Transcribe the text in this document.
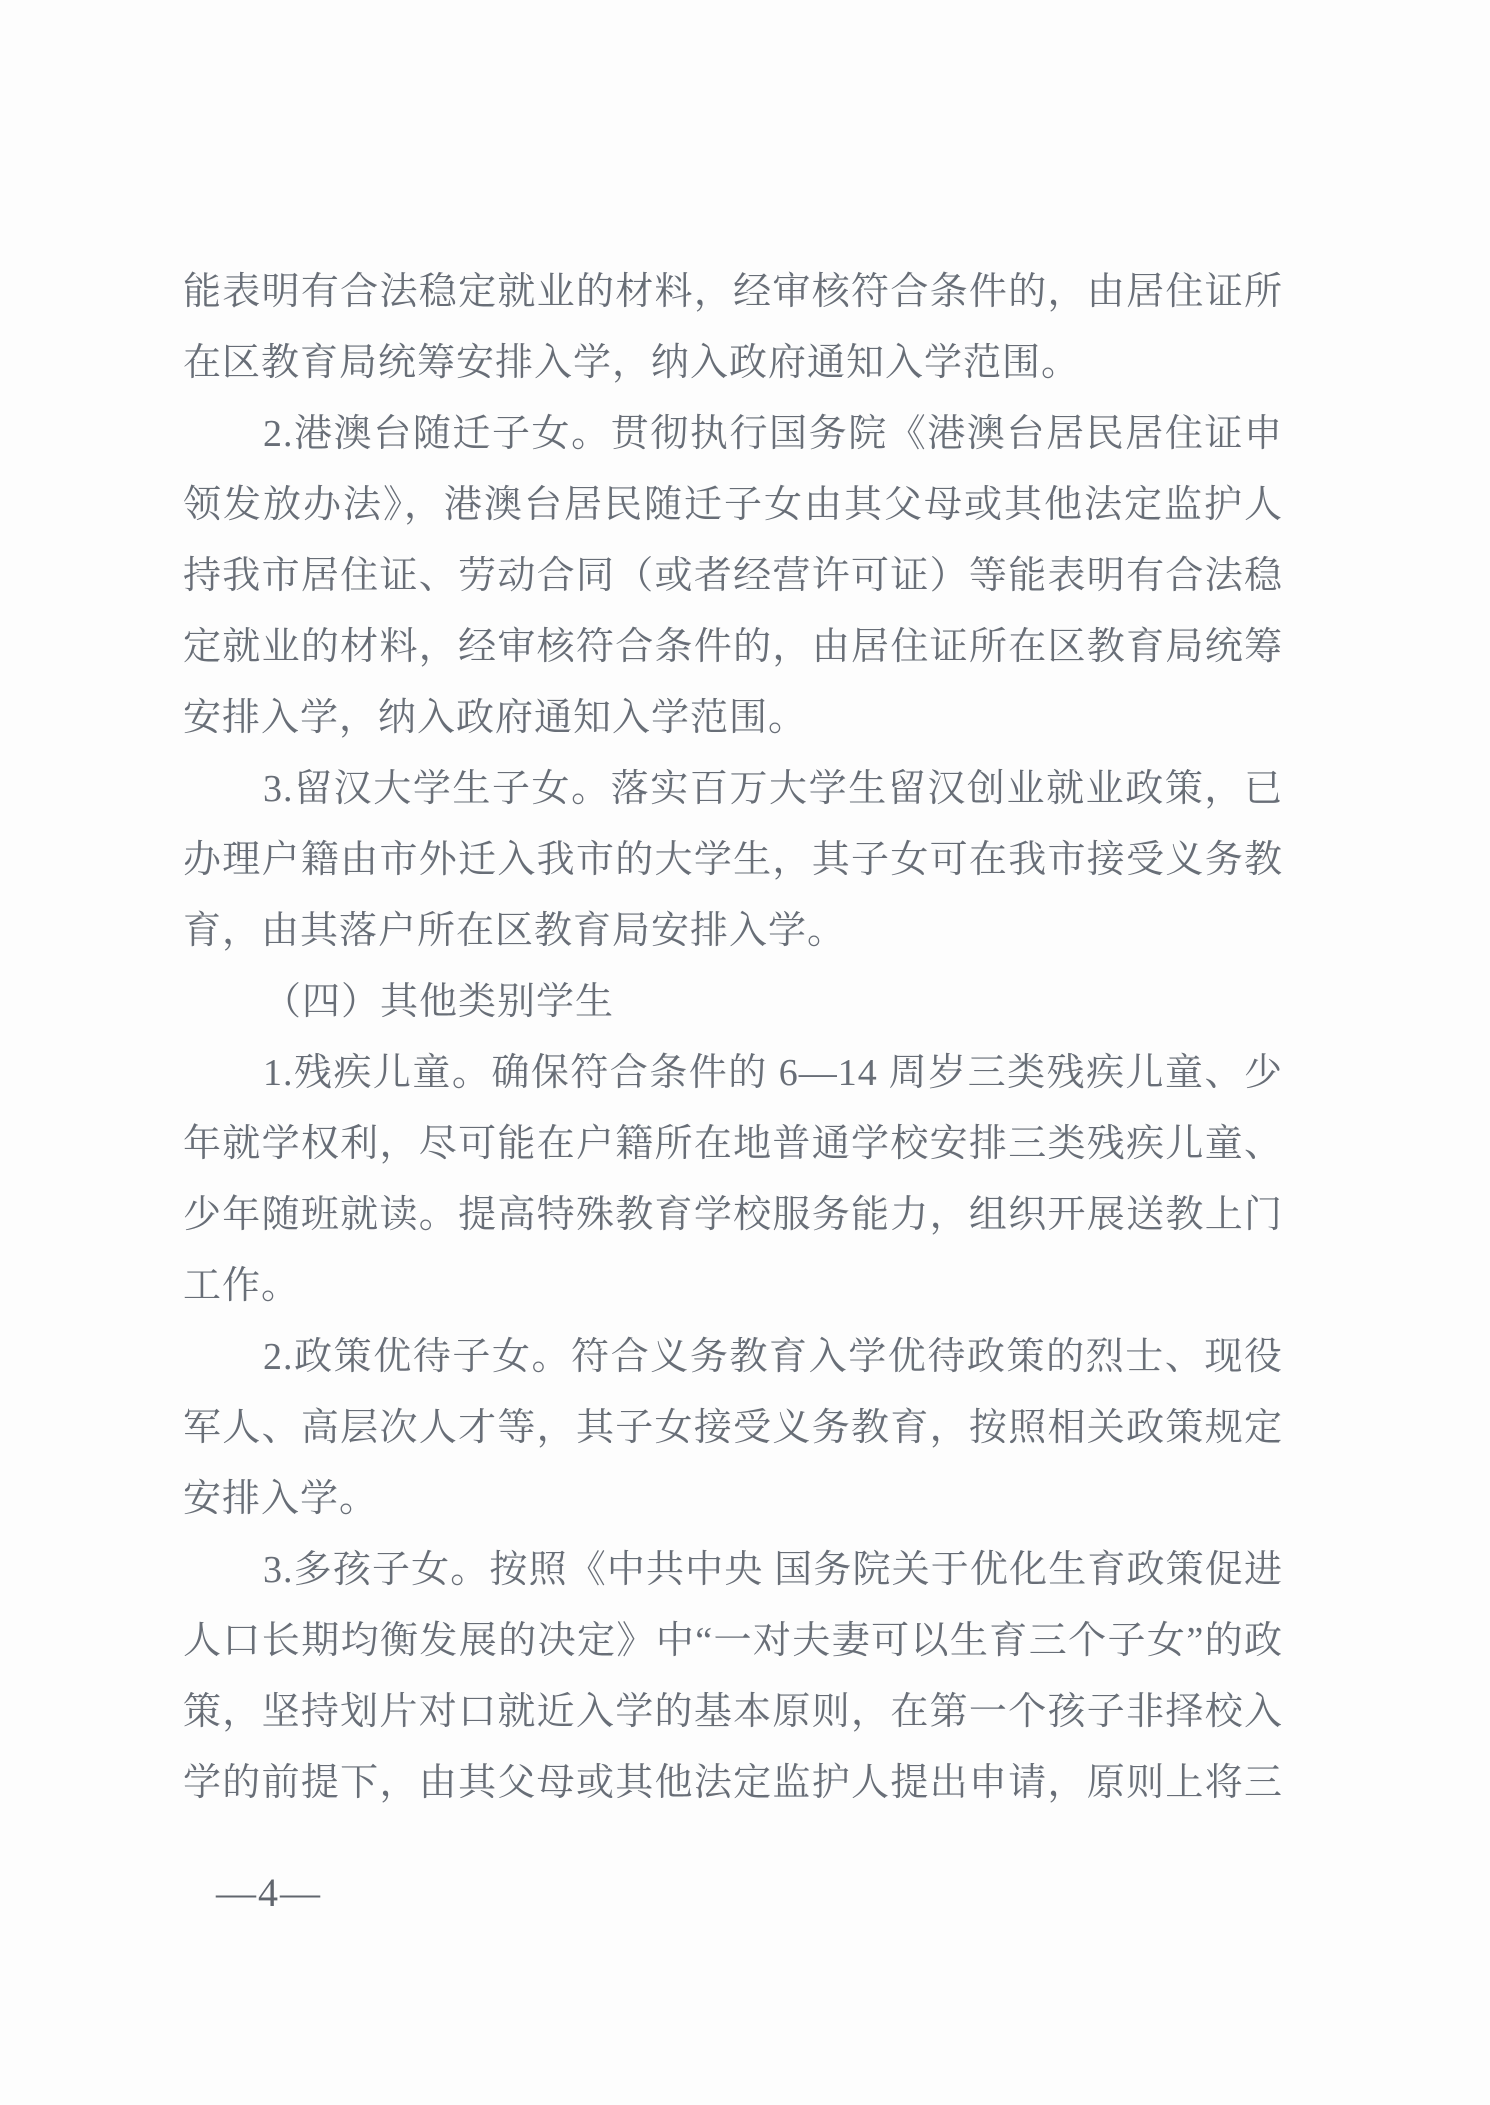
能表明有合法稳定就业的材料，经审核符合条件的，由居住证所
在区教育局统筹安排入学，纳入政府通知入学范围。
2.港澳台随迁子女。贯彻执行国务院《港澳台居民居住证申
领发放办法》，港澳台居民随迁子女由其父母或其他法定监护人
持我市居住证、劳动合同（或者经营许可证）等能表明有合法稳
定就业的材料，经审核符合条件的，由居住证所在区教育局统筹
安排入学，纳入政府通知入学范围。
3.留汉大学生子女。落实百万大学生留汉创业就业政策，已
办理户籍由市外迁入我市的大学生，其子女可在我市接受义务教
育，由其落户所在区教育局安排入学。
（四）其他类别学生
1.残疾儿童。确保符合条件的 6—14 周岁三类残疾儿童、少
年就学权利，尽可能在户籍所在地普通学校安排三类残疾儿童、
少年随班就读。提高特殊教育学校服务能力，组织开展送教上门
工作。
2.政策优待子女。符合义务教育入学优待政策的烈士、现役
军人、高层次人才等，其子女接受义务教育，按照相关政策规定
安排入学。
3.多孩子女。按照《中共中央 国务院关于优化生育政策促进
人口长期均衡发展的决定》中“一对夫妻可以生育三个子女”的政
策，坚持划片对口就近入学的基本原则，在第一个孩子非择校入
学的前提下，由其父母或其他法定监护人提出申请，原则上将三
—4—
